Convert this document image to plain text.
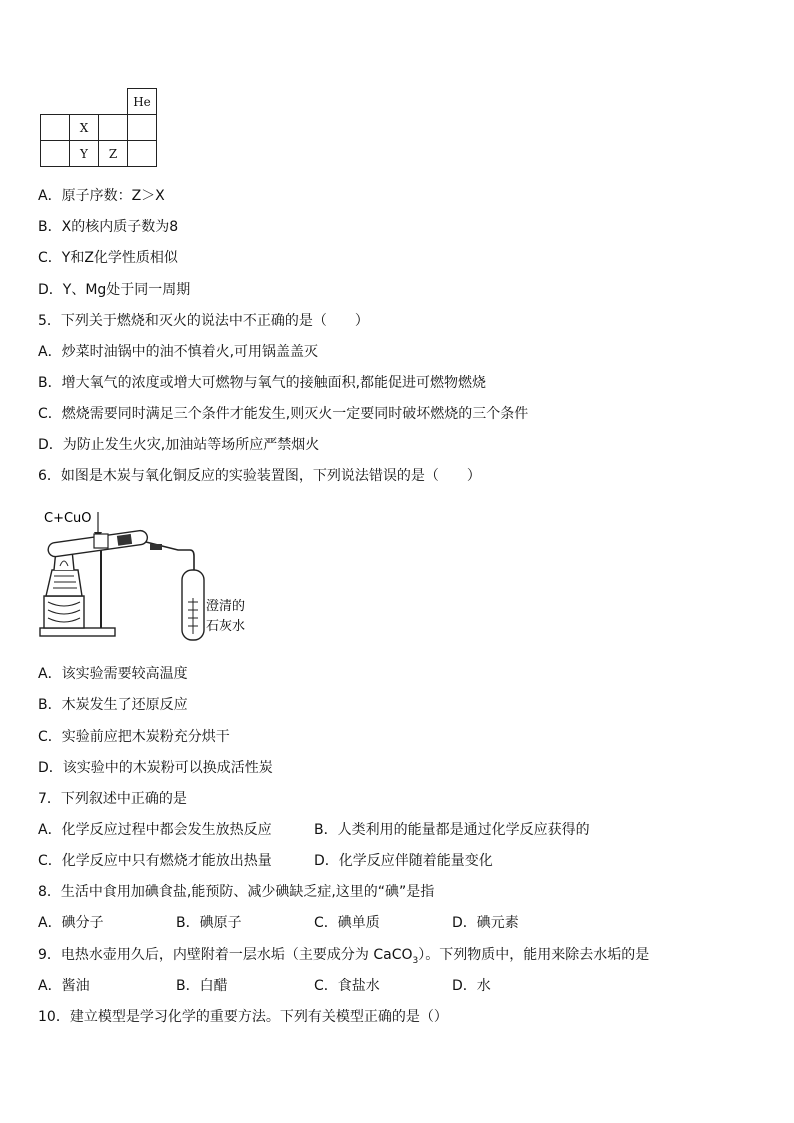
			He
	X		
	Y	Z	
A．原子序数：Z＞X
B．X的核内质子数为8
C．Y和Z化学性质相似
D．Y、Mg处于同一周期
5．下列关于燃烧和灭火的说法中不正确的是（　　）
A．炒菜时油锅中的油不慎着火,可用锅盖盖灭
B．增大氧气的浓度或增大可燃物与氧气的接触面积,都能促进可燃物燃烧
C．燃烧需要同时满足三个条件才能发生,则灭火一定要同时破坏燃烧的三个条件
D．为防止发生火灾,加油站等场所应严禁烟火
6．如图是木炭与氧化铜反应的实验装置图，下列说法错误的是（　　）
C+CuO
澄清的
石灰水
A．该实验需要较高温度
B．木炭发生了还原反应
C．实验前应把木炭粉充分烘干
D．该实验中的木炭粉可以换成活性炭
7．下列叙述中正确的是
A．化学反应过程中都会发生放热反应	B．人类利用的能量都是通过化学反应获得的
C．化学反应中只有燃烧才能放出热量	D．化学反应伴随着能量变化
8．生活中食用加碘食盐,能预防、减少碘缺乏症,这里的“碘”是指
A．碘分子	B．碘原子	C．碘单质	D．碘元素
9．电热水壶用久后，内壁附着一层水垢（主要成分为 CaCO$_3$）。下列物质中，能用来除去水垢的是
A．酱油	B．白醋	C．食盐水	D．水
10．建立模型是学习化学的重要方法。下列有关模型正确的是（）
